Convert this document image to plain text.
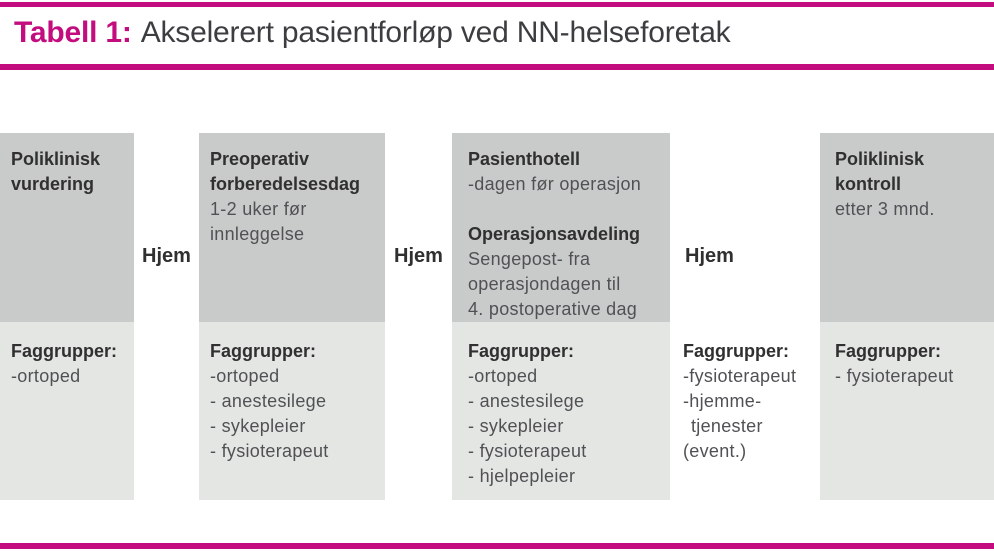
Tabell 1: Akselerert pasientforløp ved NN-helseforetak
Poliklinisk
vurdering
Faggrupper:
-ortoped
Hjem
Preoperativ
forberedelsesdag
1-2 uker før
innleggelse
Faggrupper:
-ortoped
- anestesilege
- sykepleier
- fysioterapeut
Hjem
Pasienthotell
-dagen før operasjon
Operasjonsavdeling
Sengepost- fra
operasjondagen til
4. postoperative dag
Faggrupper:
-ortoped
- anestesilege
- sykepleier
- fysioterapeut
- hjelpepleier
Hjem
Faggrupper:
-fysioterapeut
-hjemme-
tjenester
(event.)
Poliklinisk
kontroll
etter 3 mnd.
Faggrupper:
- fysioterapeut
